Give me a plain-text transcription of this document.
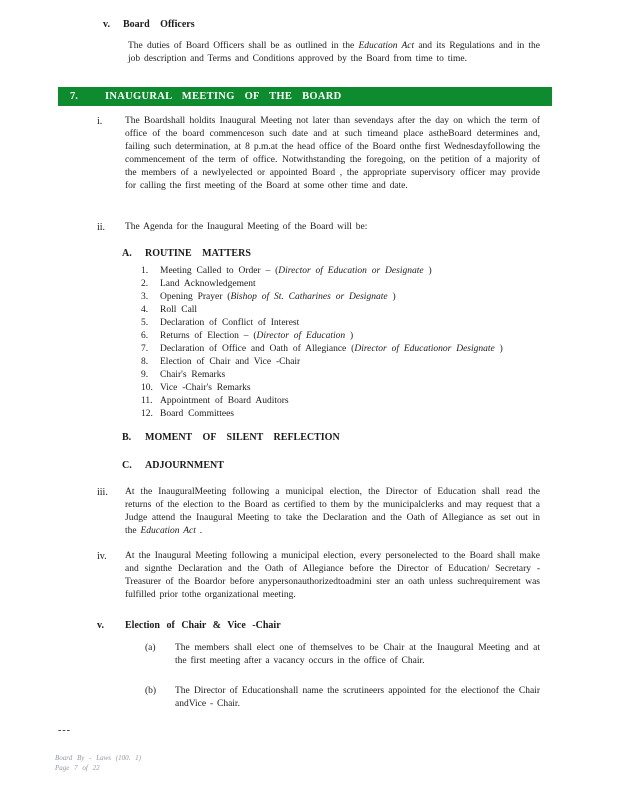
v.	Board Officers
The duties of Board Officers shall be as outlined in the Education Act and its Regulations and in the job description and Terms and Conditions approved by the Board from time to time.
7.	INAUGURAL MEETING OF THE BOARD
i.	The Boardshall holdits Inaugural Meeting not later than sevendays after the day on which the term of office of the board commenceson such date and at such timeand place astheBoard determines and, failing such determination, at 8 p.m.at the head office of the Board onthe first Wednesdayfollowing the commencement of the term of office. Notwithstanding the foregoing, on the petition of a majority of the members of a newlyelected or appointed Board , the appropriate supervisory officer may provide for calling the first meeting of the Board at some other time and date.
ii.	The Agenda for the Inaugural Meeting of the Board will be:
A.	ROUTINE MATTERS
1.	Meeting Called to Order – (Director of Education or Designate )
2.	Land Acknowledgement
3.	Opening Prayer (Bishop of St. Catharines or Designate )
4.	Roll Call
5.	Declaration of Conflict of Interest
6.	Returns of Election – (Director of Education )
7.	Declaration of Office and Oath of Allegiance (Director of Educationor Designate )
8.	Election of Chair and Vice -Chair
9.	Chair's Remarks
10. Vice -Chair's Remarks
11. Appointment of Board Auditors
12. Board Committees
B.	MOMENT OF SILENT REFLECTION
C.	ADJOURNMENT
iii.	At the InauguralMeeting following a municipal election, the Director of Education shall read the returns of the election to the Board as certified to them by the municipalclerks and may request that a Judge attend the Inaugural Meeting to take the Declaration and the Oath of Allegiance as set out in the Education Act .
iv.	At the Inaugural Meeting following a municipal election, every personelected to the Board shall make and signthe Declaration and the Oath of Allegiance before the Director of Education/ Secretary -Treasurer of the Boardor before anypersonauthorizedtoadmini ster an oath unless suchrequirement was fulfilled prior tothe organizational meeting.
v.	Election of Chair & Vice -Chair
(a)	The members shall elect one of themselves to be Chair at the Inaugural Meeting and at the first meeting after a vacancy occurs in the office of Chair.
(b)	The Director of Educationshall name the scrutineers appointed for the electionof the Chair andVice - Chair.
---
Board By - Laws (100. 1)
Page 7 of 22
